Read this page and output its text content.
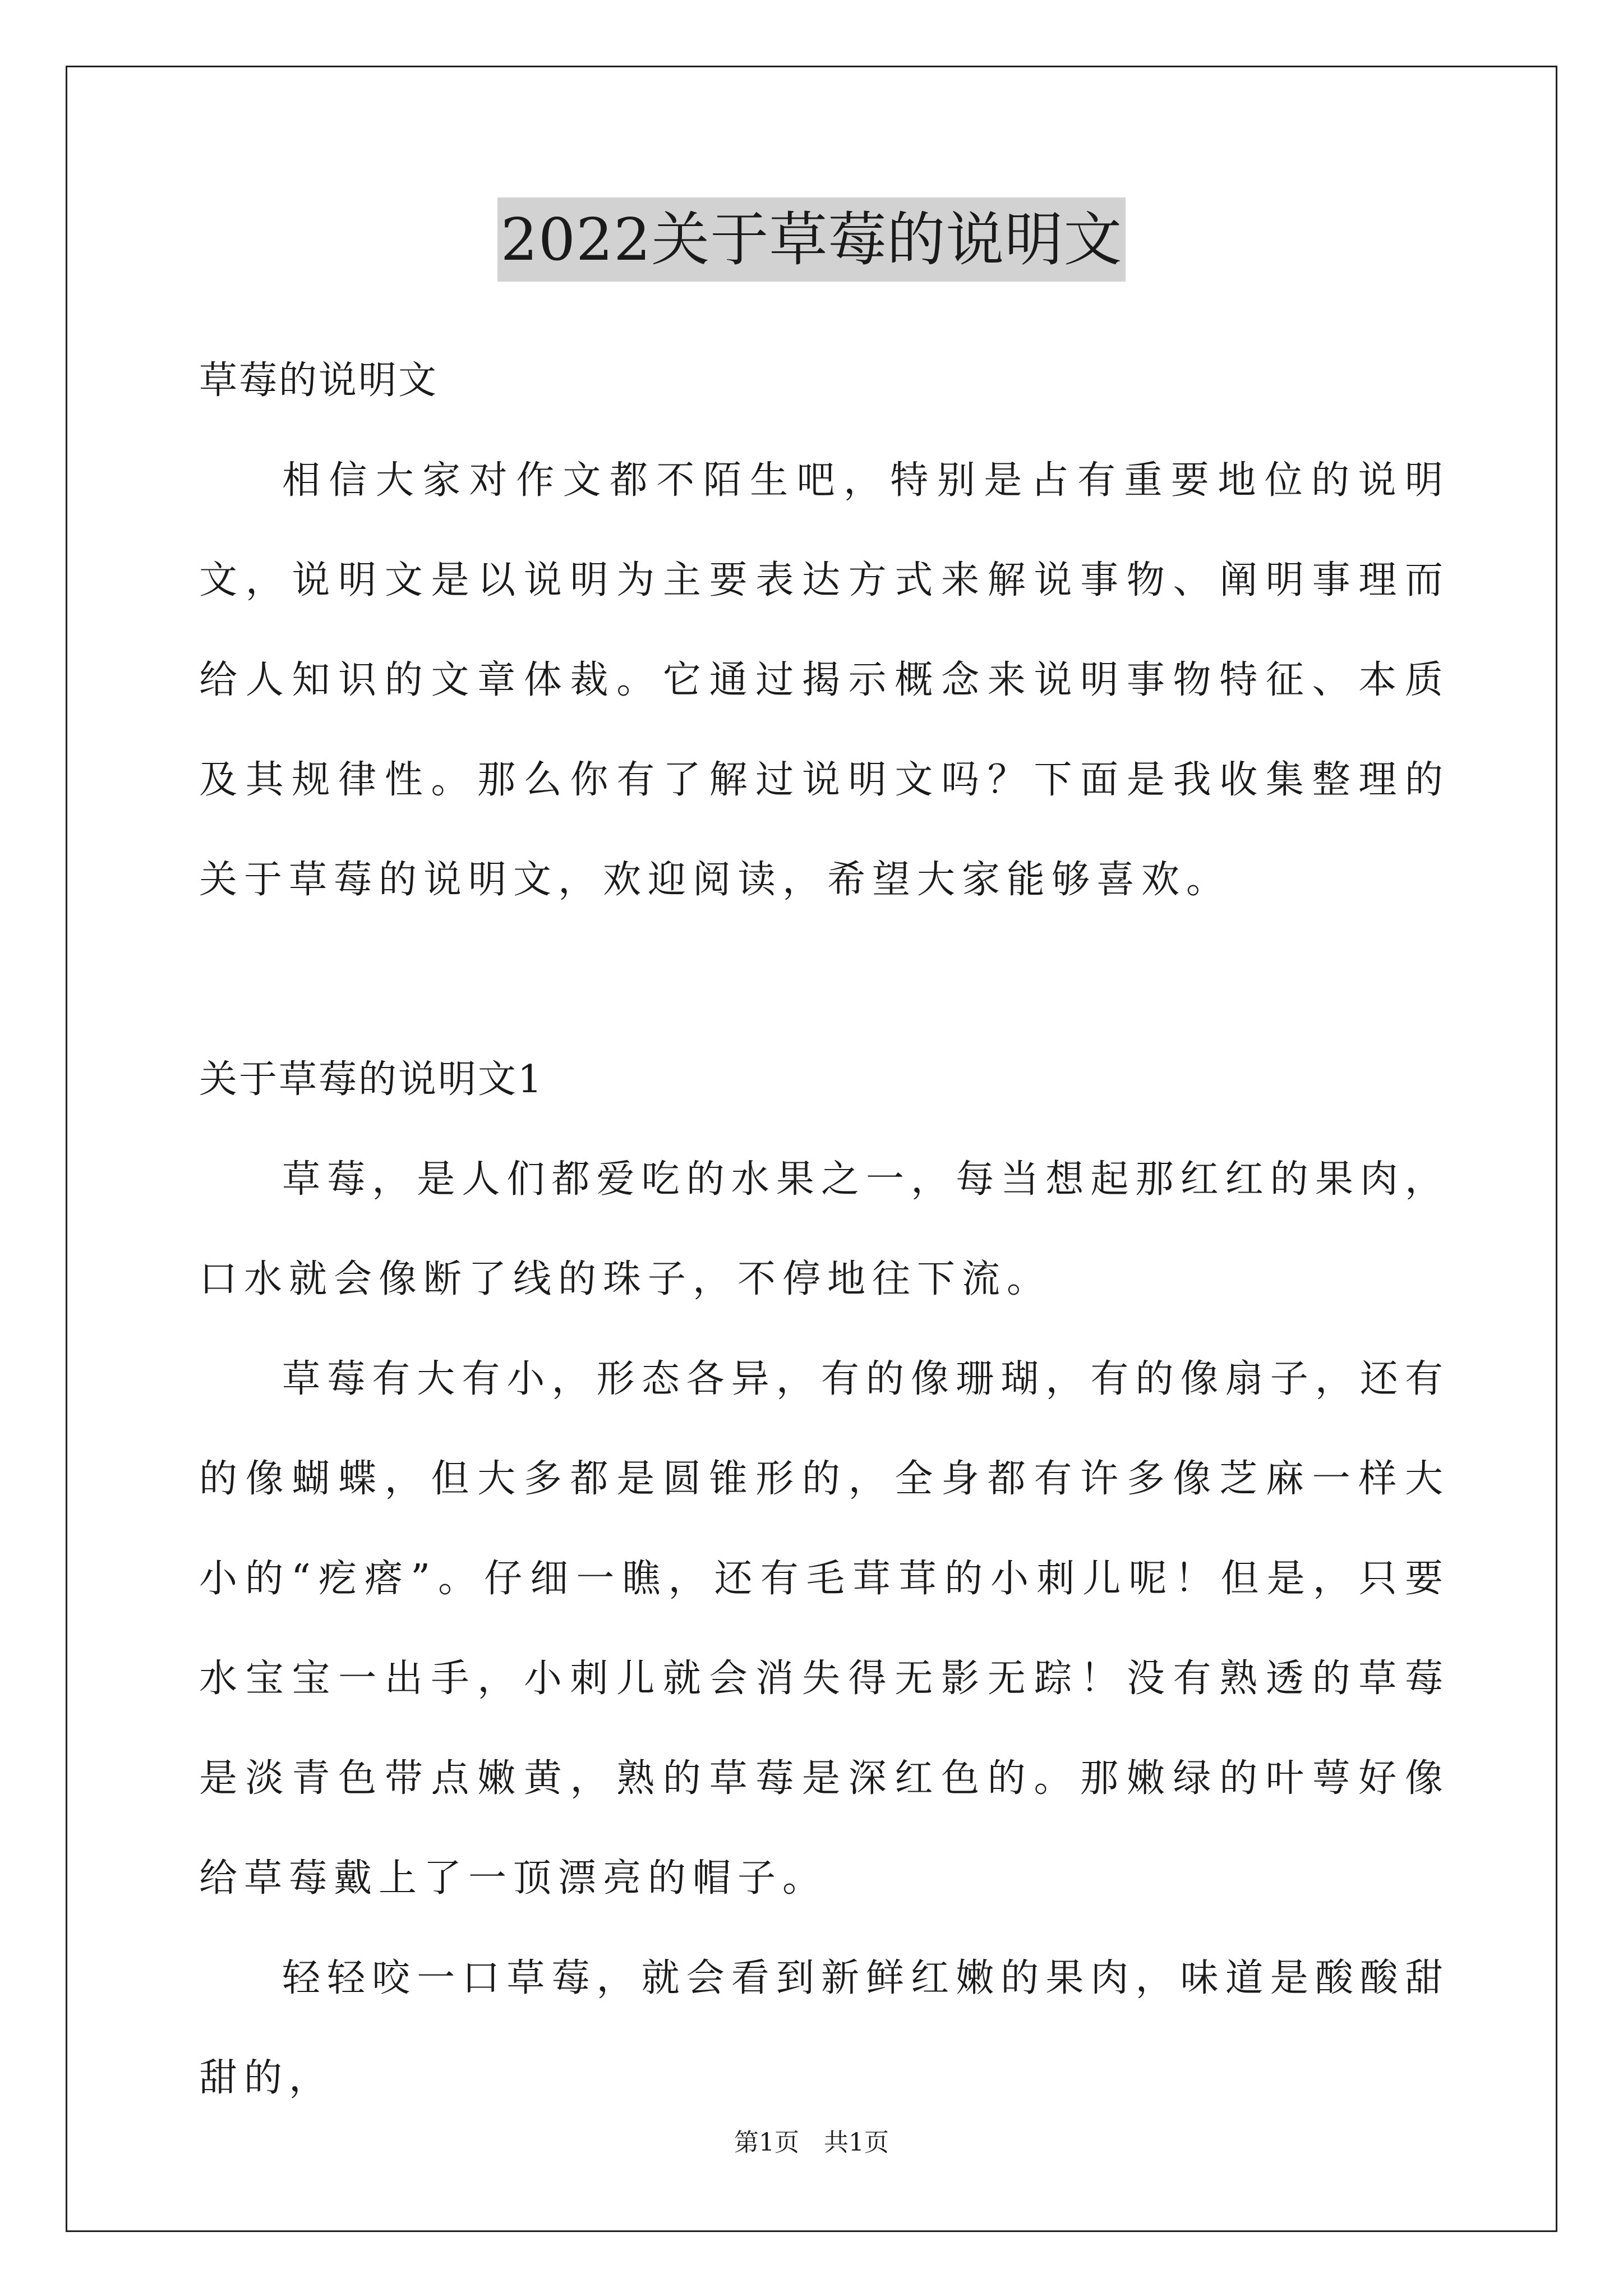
2022关于草莓的说明文

草莓的说明文

相信大家对作文都不陌生吧，特别是占有重要地位的说明文，说明文是以说明为主要表达方式来解说事物、阐明事理而给人知识的文章体裁。它通过揭示概念来说明事物特征、本质及其规律性。那么你有了解过说明文吗？下面是我收集整理的关于草莓的说明文，欢迎阅读，希望大家能够喜欢。

关于草莓的说明文1

草莓，是人们都爱吃的水果之一，每当想起那红红的果肉，口水就会像断了线的珠子，不停地往下流。

草莓有大有小，形态各异，有的像珊瑚，有的像扇子，还有的像蝴蝶，但大多都是圆锥形的，全身都有许多像芝麻一样大小的“疙瘩”。仔细一瞧，还有毛茸茸的小刺儿呢！但是，只要水宝宝一出手，小刺儿就会消失得无影无踪！没有熟透的草莓是淡青色带点嫩黄，熟的草莓是深红色的。那嫩绿的叶萼好像给草莓戴上了一顶漂亮的帽子。

轻轻咬一口草莓，就会看到新鲜红嫩的果肉，味道是酸酸甜甜的，

第1页　共1页
